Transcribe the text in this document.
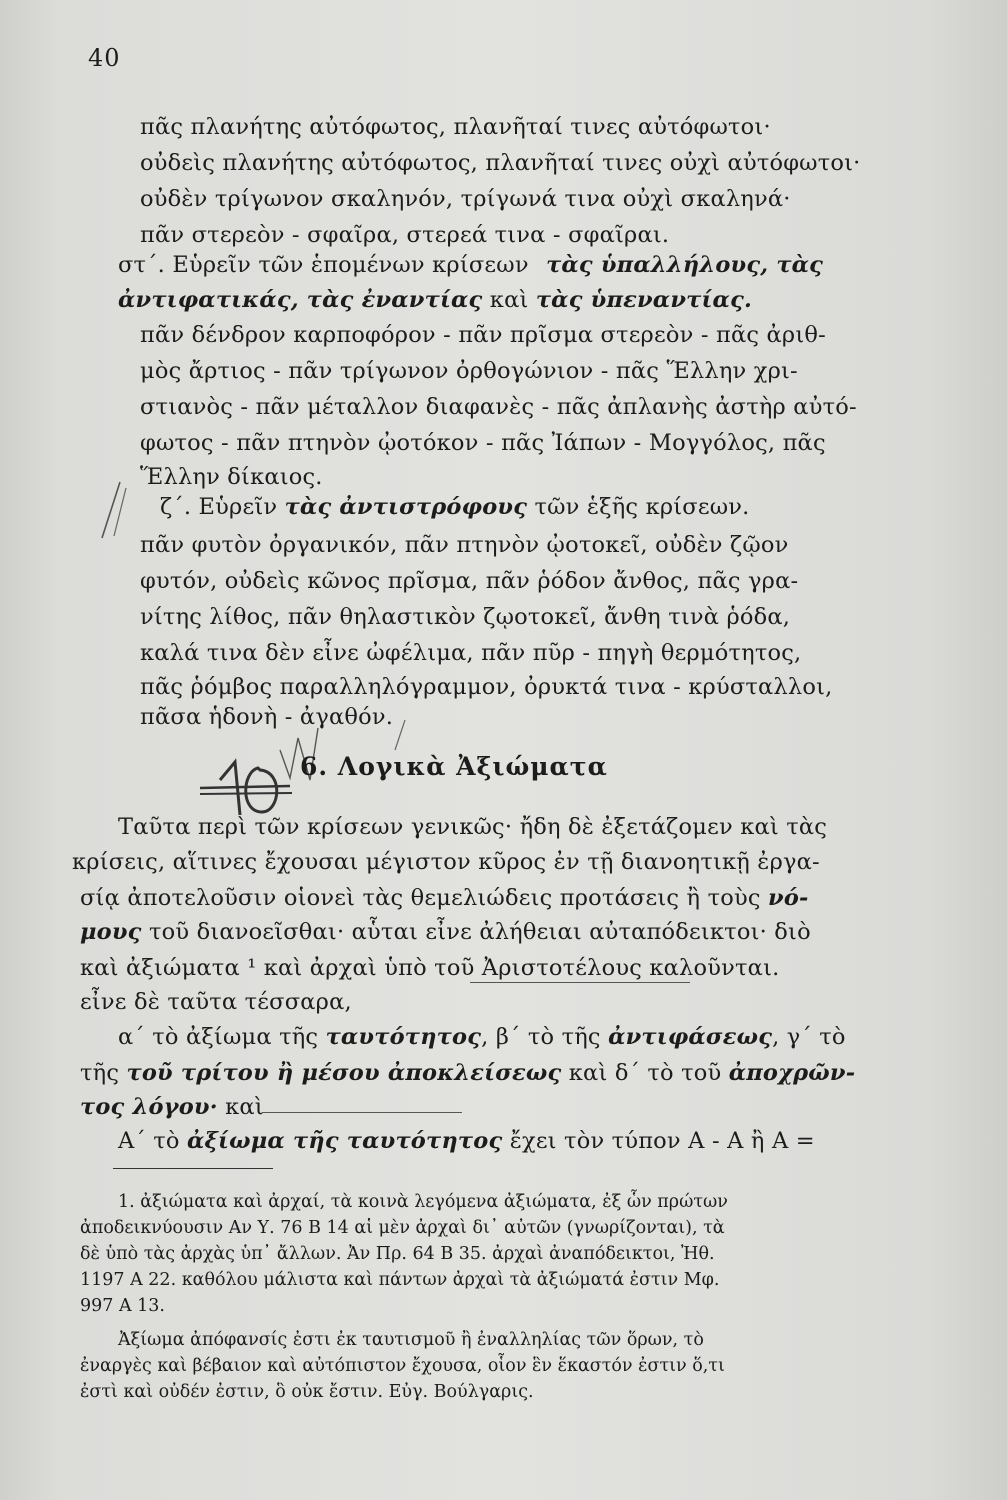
40
πᾶς πλανήτης αὐτόφωτος, πλανῆταί τινες αὐτόφωτοι·
οὐδεὶς πλανήτης αὐτόφωτος, πλανῆταί τινες οὐχὶ αὐτόφωτοι·
οὐδὲν τρίγωνον σκαληνόν, τρίγωνά τινα οὐχὶ σκαληνά·
πᾶν στερεὸν - σφαῖρα, στερεά τινα - σφαῖραι.
στ΄. Εὑρεῖν τῶν ἑπομένων κρίσεων τὰς ὑπαλλήλους, τὰς
ἀντιφατικάς, τὰς ἐναντίας καὶ τὰς ὑπεναντίας.
πᾶν δένδρον καρποφόρον - πᾶν πρῖσμα στερεὸν - πᾶς ἀριθ-
μὸς ἄρτιος - πᾶν τρίγωνον ὀρθογώνιον - πᾶς Ἕλλην χρι-
στιανὸς - πᾶν μέταλλον διαφανὲς - πᾶς ἀπλανὴς ἀστὴρ αὐτό-
φωτος - πᾶν πτηνὸν ᾠοτόκον - πᾶς Ἰάπων - Μογγόλος, πᾶς
Ἕλλην δίκαιος.
ζ΄. Εὑρεῖν τὰς ἀντιστρόφους τῶν ἑξῆς κρίσεων.
πᾶν φυτὸν ὀργανικόν, πᾶν πτηνὸν ᾠοτοκεῖ, οὐδὲν ζῷον
φυτόν, οὐδεὶς κῶνος πρῖσμα, πᾶν ῥόδον ἄνθος, πᾶς γρα-
νίτης λίθος, πᾶν θηλαστικὸν ζῳοτοκεῖ, ἄνθη τινὰ ῥόδα,
καλά τινα δὲν εἶνε ὠφέλιμα, πᾶν πῦρ - πηγὴ θερμότητος,
πᾶς ῥόμβος παραλληλόγραμμον, ὀρυκτά τινα - κρύσταλλοι,
πᾶσα ἡδονὴ - ἀγαθόν.
6. Λογικὰ Ἀξιώματα
Ταῦτα περὶ τῶν κρίσεων γενικῶς· ἤδη δὲ ἐξετάζομεν καὶ τὰς
κρίσεις, αἵτινες ἔχουσαι μέγιστον κῦρος ἐν τῇ διανοητικῇ ἐργα-
σίᾳ ἀποτελοῦσιν οἱονεὶ τὰς θεμελιώδεις προτάσεις ἢ τοὺς νό-
μους τοῦ διανοεῖσθαι· αὗται εἶνε ἀλήθειαι αὐταπόδεικτοι· διὸ
καὶ ἀξιώματα ¹ καὶ ἀρχαὶ ὑπὸ τοῦ Ἀριστοτέλους καλοῦνται.
εἶνε δὲ ταῦτα τέσσαρα,
α΄ τὸ ἀξίωμα τῆς ταυτότητος, β΄ τὸ τῆς ἀντιφάσεως, γ΄ τὸ
τῆς τοῦ τρίτου ἢ μέσου ἀποκλείσεως καὶ δ΄ τὸ τοῦ ἀποχρῶν-
τος λόγου· καὶ
Α΄ τὸ ἀξίωμα τῆς ταυτότητος ἔχει τὸν τύπον Α - Α ἢ Α =
1. ἀξιώματα καὶ ἀρχαί, τὰ κοινὰ λεγόμενα ἀξιώματα, ἐξ ὧν πρώτων
ἀποδεικνύουσιν Αν Υ. 76 Β 14 αἱ μὲν ἀρχαὶ δι᾽ αὐτῶν (γνωρίζονται), τὰ
δὲ ὑπὸ τὰς ἀρχὰς ὑπ᾽ ἄλλων. Ἀν Πρ. 64 Β 35. ἀρχαὶ ἀναπόδεικτοι, Ἠθ.
1197 Α 22. καθόλου μάλιστα καὶ πάντων ἀρχαὶ τὰ ἀξιώματά ἐστιν Μφ.
997 Α 13.
Ἀξίωμα ἀπόφανσίς ἐστι ἐκ ταυτισμοῦ ἢ ἐναλληλίας τῶν ὅρων, τὸ
ἐναργὲς καὶ βέβαιον καὶ αὐτόπιστον ἔχουσα, οἷον ἓν ἕκαστόν ἐστιν ὅ,τι
ἐστὶ καὶ οὐδέν ἐστιν, ὃ οὐκ ἔστιν. Εὐγ. Βούλγαρις.
